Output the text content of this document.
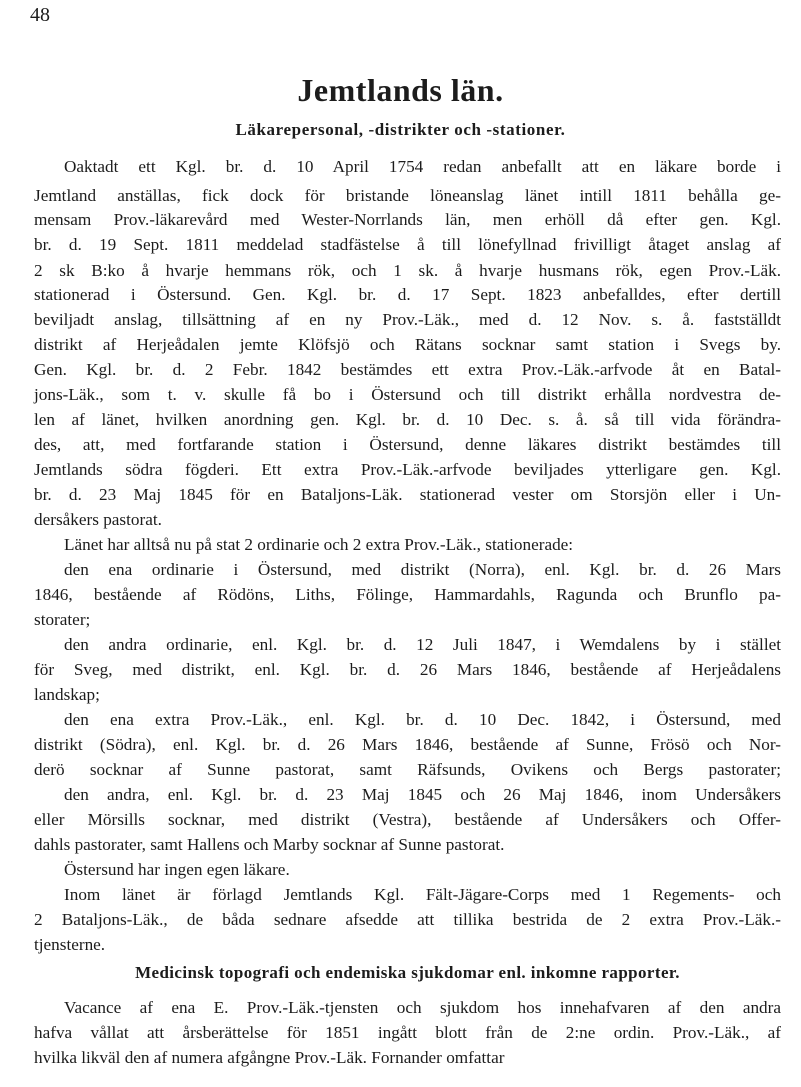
48
Jemtlands län.
Läkarepersonal, -distrikter och -stationer.
Oaktadt ett Kgl. br. d. 10 April 1754 redan anbefallt att en läkare borde i
Jemtland anställas, fick dock för bristande löneanslag länet intill 1811 behålla ge-
mensam Prov.-läkarevård med Wester-Norrlands län, men erhöll då efter gen. Kgl.
br. d. 19 Sept. 1811 meddelad stadfästelse å till lönefyllnad frivilligt åtaget anslag af
2 sk B:ko å hvarje hemmans rök, och 1 sk. å hvarje husmans rök, egen Prov.-Läk.
stationerad i Östersund. Gen. Kgl. br. d. 17 Sept. 1823 anbefalldes, efter dertill
beviljadt anslag, tillsättning af en ny Prov.-Läk., med d. 12 Nov. s. å. fastställdt
distrikt af Herjeådalen jemte Klöfsjö och Rätans socknar samt station i Svegs by.
Gen. Kgl. br. d. 2 Febr. 1842 bestämdes ett extra Prov.-Läk.-arfvode åt en Batal-
jons-Läk., som t. v. skulle få bo i Östersund och till distrikt erhålla nordvestra de-
len af länet, hvilken anordning gen. Kgl. br. d. 10 Dec. s. å. så till vida förändra-
des, att, med fortfarande station i Östersund, denne läkares distrikt bestämdes till
Jemtlands södra fögderi. Ett extra Prov.-Läk.-arfvode beviljades ytterligare gen. Kgl.
br. d. 23 Maj 1845 för en Bataljons-Läk. stationerad vester om Storsjön eller i Un-
dersåkers pastorat.
Länet har alltså nu på stat 2 ordinarie och 2 extra Prov.-Läk., stationerade:
den ena ordinarie i Östersund, med distrikt (Norra), enl. Kgl. br. d. 26 Mars
1846, bestående af Rödöns, Liths, Fölinge, Hammardahls, Ragunda och Brunflo pa-
storater;
den andra ordinarie, enl. Kgl. br. d. 12 Juli 1847, i Wemdalens by i stället
för Sveg, med distrikt, enl. Kgl. br. d. 26 Mars 1846, bestående af Herjeådalens
landskap;
den ena extra Prov.-Läk., enl. Kgl. br. d. 10 Dec. 1842, i Östersund, med
distrikt (Södra), enl. Kgl. br. d. 26 Mars 1846, bestående af Sunne, Frösö och Nor-
derö socknar af Sunne pastorat, samt Räfsunds, Ovikens och Bergs pastorater;
den andra, enl. Kgl. br. d. 23 Maj 1845 och 26 Maj 1846, inom Undersåkers
eller Mörsills socknar, med distrikt (Vestra), bestående af Undersåkers och Offer-
dahls pastorater, samt Hallens och Marby socknar af Sunne pastorat.
Östersund har ingen egen läkare.
Inom länet är förlagd Jemtlands Kgl. Fält-Jägare-Corps med 1 Regements- och
2 Bataljons-Läk., de båda sednare afsedde att tillika bestrida de 2 extra Prov.-Läk.-
tjensterne.
Medicinsk topografi och endemiska sjukdomar enl. inkomne rapporter.
Vacance af ena E. Prov.-Läk.-tjensten och sjukdom hos innehafvaren af den andra
hafva vållat att årsberättelse för 1851 ingått blott från de 2:ne ordin. Prov.-Läk., af
hvilka likväl den af numera afgångne Prov.-Läk. Fornander omfattar
